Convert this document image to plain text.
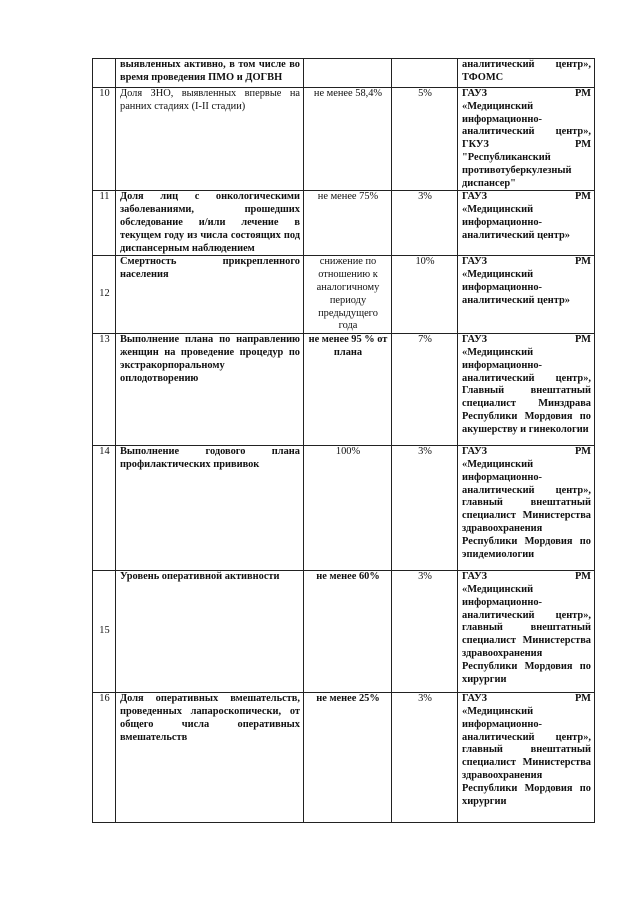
	выявленных активно, в том числе во время проведения ПМО и ДОГВН			аналитический центр», ТФОМС
10	Доля ЗНО, выявленных впервые на ранних стадиях (I-II стадии)	не менее 58,4%	5%	ГАУЗ РМ
«Медицинский информационно-аналитический центр», ГКУЗ РМ "Республиканский противотуберкулезный диспансер"

11	Доля лиц с онкологическими заболеваниями, прошедших обследование и/или лечение в текущем году из числа состоящих под диспансерным наблюдением	не менее 75%	3%	ГАУЗ РМ
«Медицинский информационно-аналитический центр»

12	Смертность прикрепленного населения	снижение по отношению к аналогичному периоду предыдущего года	10%	ГАУЗ РМ
«Медицинский информационно-аналитический центр»

13	Выполнение плана по направлению женщин на проведение процедур по экстракорпоральному оплодотворению	не менее 95 % от плана	7%	ГАУЗ РМ
«Медицинский информационно-аналитический центр», Главный внештатный специалист Минздрава Республики Мордовия по акушерству и гинекологии

14	Выполнение годового плана профилактических прививок	100%	3%	ГАУЗ РМ
«Медицинский информационно-аналитический центр», главный внештатный специалист Министерства здравоохранения Республики Мордовия по эпидемиологии

15	Уровень оперативной активности	не менее 60%	3%	ГАУЗ РМ
«Медицинский информационно-аналитический центр», главный внештатный специалист Министерства здравоохранения Республики Мордовия по хирургии

16	Доля оперативных вмешательств, проведенных лапароскопически, от общего числа оперативных вмешательств	не менее 25%	3%	ГАУЗ РМ
«Медицинский информационно-аналитический центр», главный внештатный специалист Министерства здравоохранения Республики Мордовия по хирургии
